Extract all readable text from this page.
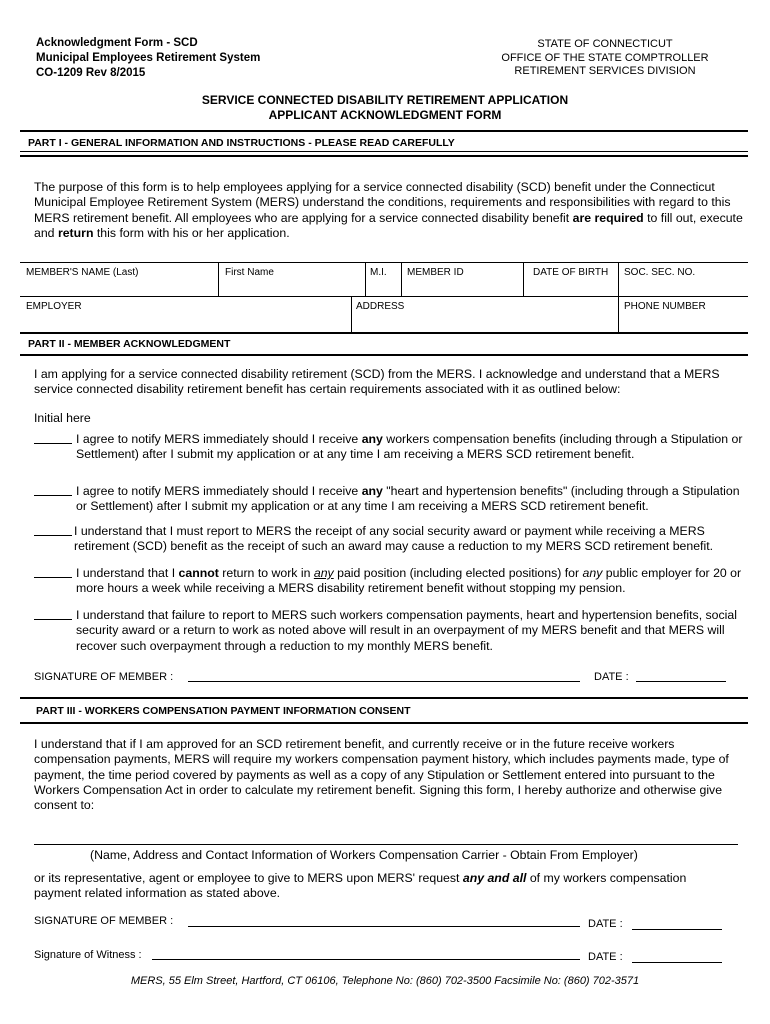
Acknowledgment Form - SCD
Municipal Employees Retirement System
CO-1209 Rev 8/2015
STATE OF CONNECTICUT
OFFICE OF THE STATE COMPTROLLER
RETIREMENT SERVICES DIVISION
SERVICE CONNECTED DISABILITY RETIREMENT APPLICATION
APPLICANT ACKNOWLEDGMENT FORM
PART I - GENERAL INFORMATION AND INSTRUCTIONS - PLEASE READ CAREFULLY
The purpose of this form is to help employees applying for a service connected disability (SCD) benefit under the Connecticut Municipal Employee Retirement System (MERS) understand the conditions, requirements and responsibilities with regard to this MERS retirement benefit. All employees who are applying for a service connected disability benefit are required to fill out, execute and return this form with his or her application.
MEMBER'S NAME (Last)	First Name	M.I. MEMBER ID	DATE OF BIRTH SOC. SEC. NO.
EMPLOYER	ADDRESS	PHONE NUMBER
PART II - MEMBER ACKNOWLEDGMENT
I am applying for a service connected disability retirement (SCD) from the MERS. I acknowledge and understand that a MERS service connected disability retirement benefit has certain requirements associated with it as outlined below:
Initial here
I agree to notify MERS immediately should I receive any workers compensation benefits (including through a Stipulation or Settlement) after I submit my application or at any time I am receiving a MERS SCD retirement benefit.
I agree to notify MERS immediately should I receive any "heart and hypertension benefits" (including through a Stipulation or Settlement) after I submit my application or at any time I am receiving a MERS SCD retirement benefit.
I understand that I must report to MERS the receipt of any social security award or payment while receiving a MERS retirement (SCD) benefit as the receipt of such an award may cause a reduction to my MERS SCD retirement benefit.
I understand that I cannot return to work in any paid position (including elected positions) for any public employer for 20 or more hours a week while receiving a MERS disability retirement benefit without stopping my pension.
I understand that failure to report to MERS such workers compensation payments, heart and hypertension benefits, social security award or a return to work as noted above will result in an overpayment of my MERS benefit and that MERS will recover such overpayment through a reduction to my monthly MERS benefit.
SIGNATURE OF MEMBER :	DATE :
PART III - WORKERS COMPENSATION PAYMENT INFORMATION CONSENT
I understand that if I am approved for an SCD retirement benefit, and currently receive or in the future receive workers compensation payments, MERS will require my workers compensation payment history, which includes payments made, type of payment, the time period covered by payments as well as a copy of any Stipulation or Settlement entered into pursuant to the Workers Compensation Act in order to calculate my retirement benefit. Signing this form, I hereby authorize and otherwise give consent to:
(Name, Address and Contact Information of Workers Compensation Carrier - Obtain From Employer)
or its representative, agent or employee to give to MERS upon MERS' request any and all of my workers compensation payment related information as stated above.
SIGNATURE OF MEMBER :	DATE :
Signature of Witness :	DATE :
MERS, 55 Elm Street, Hartford, CT 06106, Telephone No: (860) 702-3500 Facsimile No: (860) 702-3571
